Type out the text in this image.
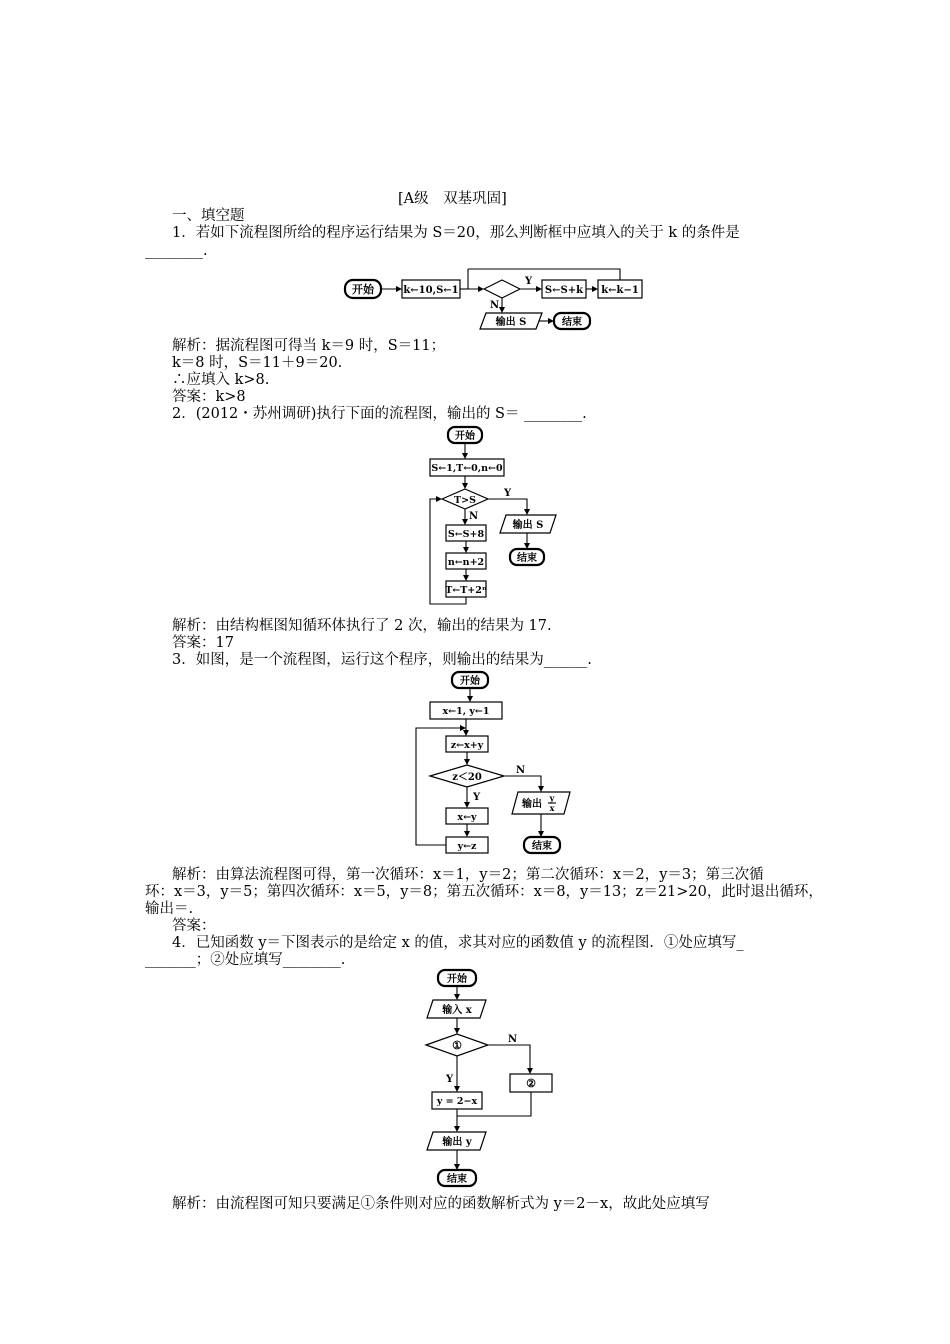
[A级　双基巩固]
一、填空题
1．若如下流程图所给的程序运行结果为 S＝20，那么判断框中应填入的关于 k 的条件是
________.
开始	k←10,S←1
Y
S←S+k k←k−1
N
输出 S	结束
解析：据流程图可得当 k＝9 时，S＝11；
k＝8 时，S＝11＋9＝20.
∴应填入 k>8.
答案：k>8
2．(2012・苏州调研)执行下面的流程图，输出的 S＝ ________.
开始
S←1,T←0,n←0
T>S
Y
输出 S
结束
N
S←S+8
n←n+2
T←T+2ⁿ
解析：由结构框图知循环体执行了 2 次，输出的结果为 17.
答案：17
3．如图，是一个流程图，运行这个程序，则输出的结果为______.
开始
x←1, y←1
z←x+y
z＜20
N
输出
y
x
结束
Y
x←y
y←z
解析：由算法流程图可得，第一次循环：x＝1，y＝2；第二次循环：x＝2，y＝3；第三次循
环：x＝3，y＝5；第四次循环：x＝5，y＝8；第五次循环：x＝8，y＝13；z＝21>20，此时退出循环，
输出＝.
答案：
4．已知函数 y＝下图表示的是给定 x 的值，求其对应的函数值 y 的流程图．①处应填写_
_______；②处应填写________.
开始
输入 x
①	N
②
Y
y = 2−x
输出 y
结束
解析：由流程图可知只要满足①条件则对应的函数解析式为 y＝2－x，故此处应填写
